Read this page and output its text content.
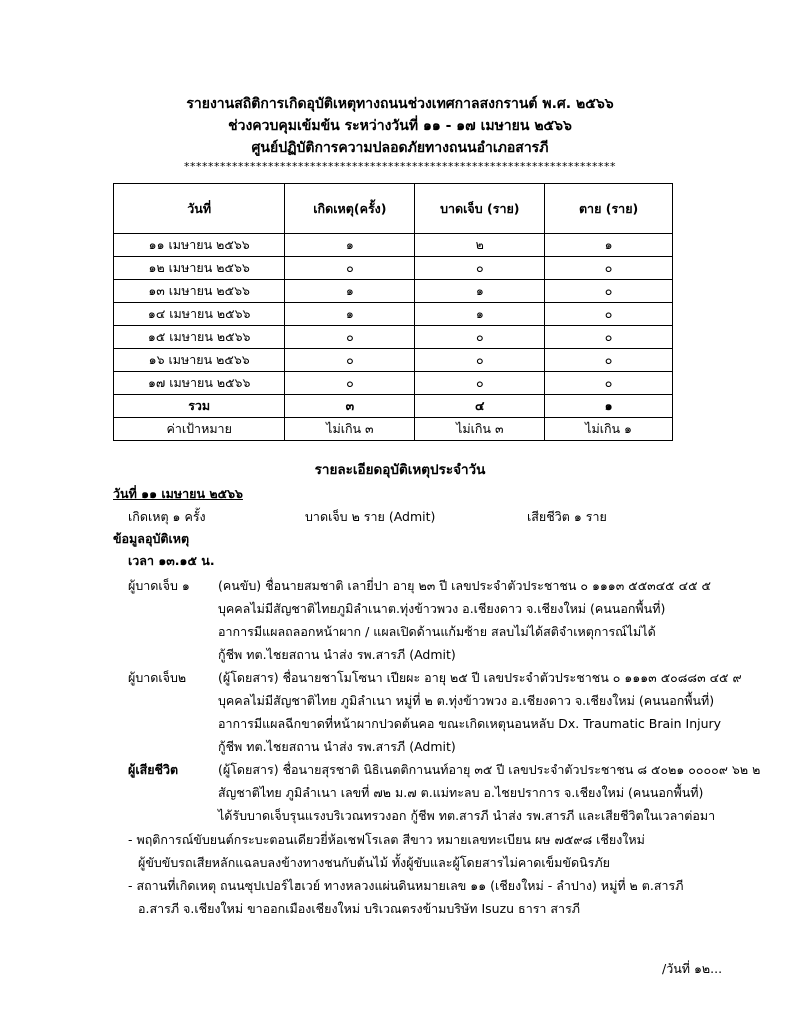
รายงานสถิติการเกิดอุบัติเหตุทางถนนช่วงเทศกาลสงกรานต์ พ.ศ. ๒๕๖๖
ช่วงควบคุมเข้มข้น ระหว่างวันที่ ๑๑ - ๑๗ เมษายน ๒๕๖๖
ศูนย์ปฏิบัติการความปลอดภัยทางถนนอำเภอสารภี
************************************************************************
วันที่	เกิดเหตุ(ครั้ง)	บาดเจ็บ (ราย)	ตาย (ราย)
๑๑ เมษายน ๒๕๖๖	๑	๒	๑
๑๒ เมษายน ๒๕๖๖	๐	๐	๐
๑๓ เมษายน ๒๕๖๖	๑	๑	๐
๑๔ เมษายน ๒๕๖๖	๑	๑	๐
๑๕ เมษายน ๒๕๖๖	๐	๐	๐
๑๖ เมษายน ๒๕๖๖	๐	๐	๐
๑๗ เมษายน ๒๕๖๖	๐	๐	๐
รวม	๓	๔	๑
ค่าเป้าหมาย	ไม่เกิน ๓	ไม่เกิน ๓	ไม่เกิน ๑
รายละเอียดอุบัติเหตุประจำวัน
วันที่ ๑๑ เมษายน ๒๕๖๖
เกิดเหตุ ๑ ครั้ง	บาดเจ็บ ๒ ราย (Admit)	เสียชีวิต ๑ ราย
ข้อมูลอุบัติเหตุ
เวลา ๑๓.๑๕ น.
ผู้บาดเจ็บ ๑ (คนขับ) ชื่อนายสมชาติ เลายี่ปา อายุ ๒๓ ปี เลขประจำตัวประชาชน ๐ ๑๑๑๓ ๕๕๓๔๕ ๔๕ ๕
บุคคลไม่มีสัญชาติไทยภูมิลำเนาต.ทุ่งข้าวพวง อ.เชียงดาว จ.เชียงใหม่ (คนนอกพื้นที่)
อาการมีแผลถลอกหน้าผาก / แผลเปิดด้านแก้มซ้าย สลบไม่ได้สติจำเหตุการณ์ไม่ได้
กู้ชีพ ทต.ไชยสถาน นำส่ง รพ.สารภี (Admit)
ผู้บาดเจ็บ๒	(ผู้โดยสาร) ชื่อนายชาโมโซนา เปียผะ อายุ ๒๕ ปี เลขประจำตัวประชาชน ๐ ๑๑๑๓ ๕๐๘๘๓ ๔๕ ๙
บุคคลไม่มีสัญชาติไทย ภูมิลำเนา หมู่ที่ ๒ ต.ทุ่งข้าวพวง อ.เชียงดาว จ.เชียงใหม่ (คนนอกพื้นที่)
อาการมีแผลฉีกขาดที่หน้าผากปวดต้นคอ ขณะเกิดเหตุนอนหลับ Dx. Traumatic Brain Injury
กู้ชีพ ทต.ไชยสถาน นำส่ง รพ.สารภี (Admit)
ผู้เสียชีวิต	(ผู้โดยสาร) ชื่อนายสุรชาติ นิธิเนตติกานนท์อายุ ๓๕ ปี เลขประจำตัวประชาชน ๘ ๕๐๒๑ ๐๐๐๐๙ ๖๒ ๒
สัญชาติไทย ภูมิลำเนา เลขที่ ๗๒ ม.๗ ต.แม่ทะลบ อ.ไชยปราการ จ.เชียงใหม่ (คนนอกพื้นที่)
ได้รับบาดเจ็บรุนแรงบริเวณทรวงอก กู้ชีพ ทต.สารภี นำส่ง รพ.สารภี และเสียชีวิตในเวลาต่อมา
- พฤติการณ์ขับยนต์กระบะตอนเดียวยี่ห้อเชฟโรเลต สีขาว หมายเลขทะเบียน ผษ ๗๕๙๘ เชียงใหม่
ผู้ขับขับรถเสียหลักแฉลบลงข้างทางชนกับต้นไม้ ทั้งผู้ขับและผู้โดยสารไม่คาดเข็มขัดนิรภัย
- สถานที่เกิดเหตุ ถนนซุปเปอร์ไฮเวย์ ทางหลวงแผ่นดินหมายเลข ๑๑ (เชียงใหม่ - ลำปาง) หมู่ที่ ๒ ต.สารภี
อ.สารภี จ.เชียงใหม่ ขาออกเมืองเชียงใหม่ บริเวณตรงข้ามบริษัท Isuzu ธารา สารภี
/วันที่ ๑๒...
